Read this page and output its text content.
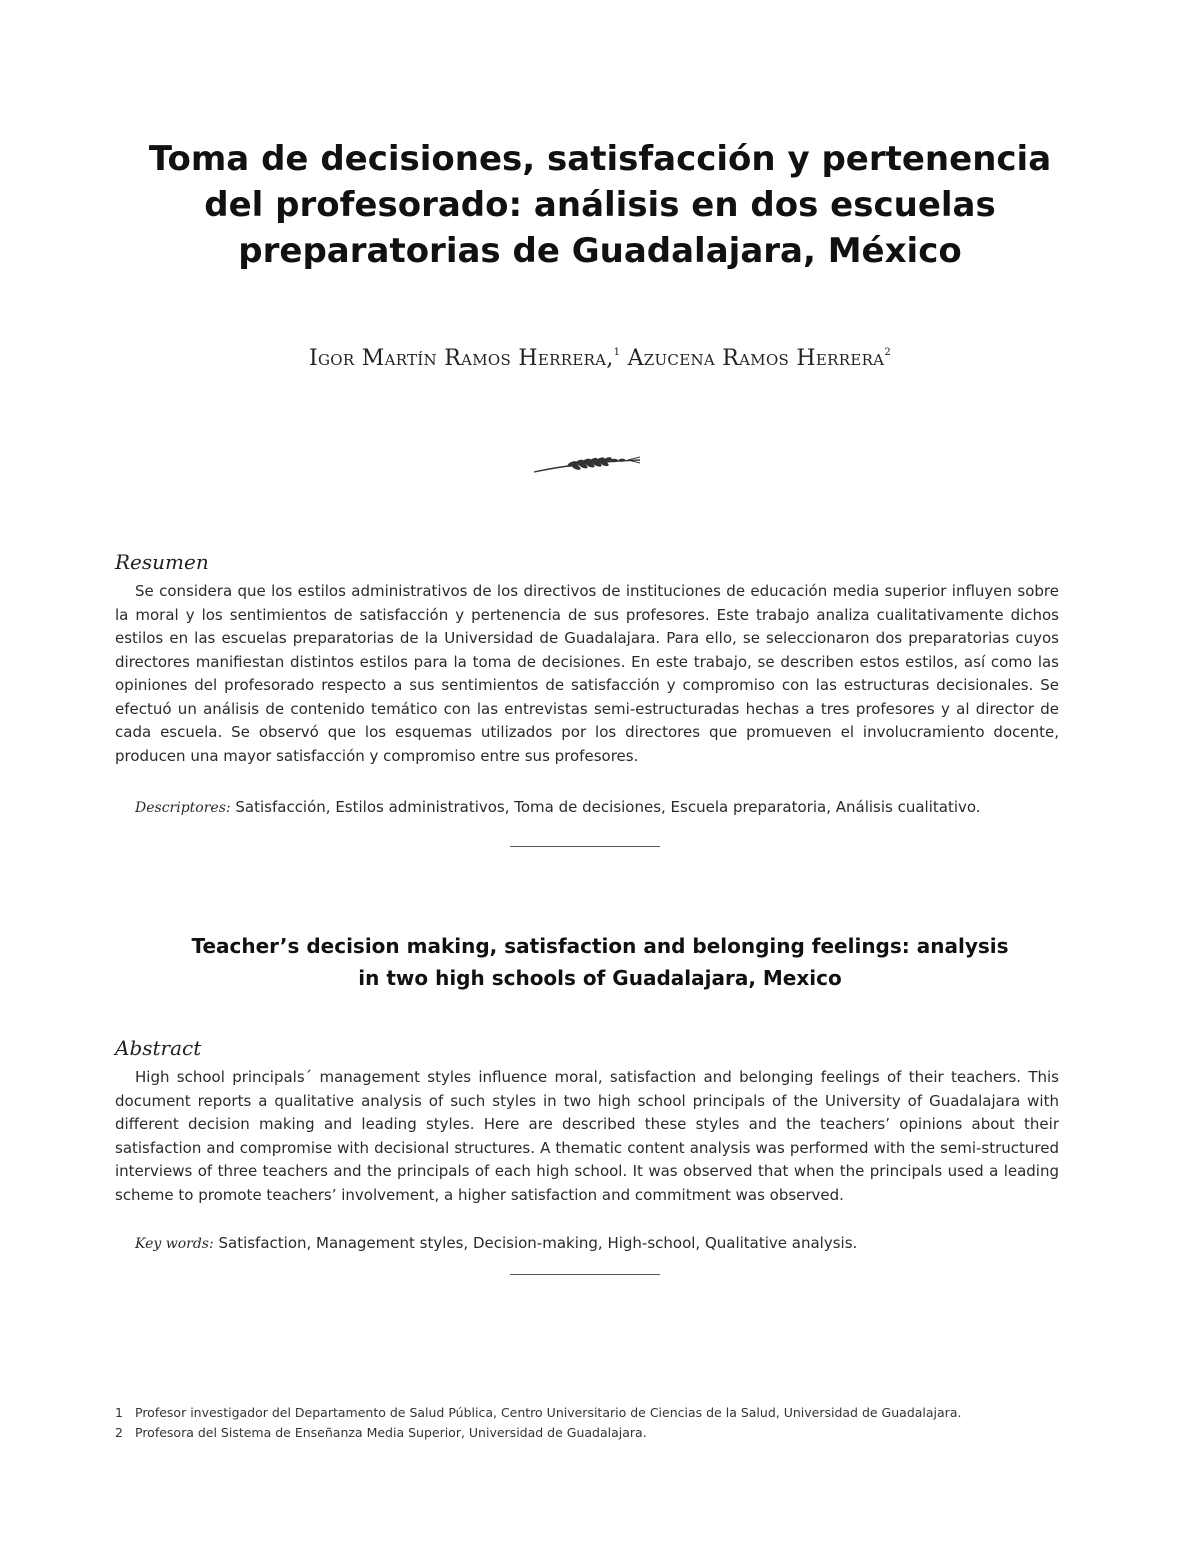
Toma de decisiones, satisfacción y pertenencia
del profesorado: análisis en dos escuelas
preparatorias de Guadalajara, México
Igor Martín Ramos Herrera,$^1$ Azucena Ramos Herrera$^2$
Resumen

Se considera que los estilos administrativos de los directivos de instituciones de educación media superior influyen sobre la moral y los sentimientos de satisfacción y pertenencia de sus profesores. Este trabajo analiza cualitativamente dichos estilos en las escuelas preparatorias de la Universidad de Guadalajara. Para ello, se seleccionaron dos preparatorias cuyos directores manifiestan distintos estilos para la toma de decisiones. En este trabajo, se describen estos estilos, así como las opiniones del profesorado respecto a sus sentimientos de satisfacción y compromiso con las estructuras decisionales. Se efectuó un análisis de contenido temático con las entrevistas semi-estructuradas hechas a tres profesores y al director de cada escuela. Se observó que los esquemas utilizados por los directores que promueven el involucramiento docente, producen una mayor satisfacción y compromiso entre sus profesores.

Descriptores: Satisfacción, Estilos administrativos, Toma de decisiones, Escuela preparatoria, Análisis cualitativo.

Teacher’s decision making, satisfaction and belonging feelings: analysis
in two high schools of Guadalajara, Mexico
Abstract

High school principals´ management styles influence moral, satisfaction and belonging feelings of their teachers. This document reports a qualitative analysis of such styles in two high school principals of the University of Guadalajara with different decision making and leading styles. Here are described these styles and the teachers’ opinions about their satisfaction and compromise with decisional structures. A thematic content analysis was performed with the semi-structured interviews of three teachers and the principals of each high school. It was observed that when the principals used a leading scheme to promote teachers’ involvement, a higher satisfaction and commitment was observed.

Key words: Satisfaction, Management styles, Decision-making, High-school, Qualitative analysis.

1 Profesor investigador del Departamento de Salud Pública, Centro Universitario de Ciencias de la Salud, Universidad de Guadalajara.
2 Profesora del Sistema de Enseñanza Media Superior, Universidad de Guadalajara.
